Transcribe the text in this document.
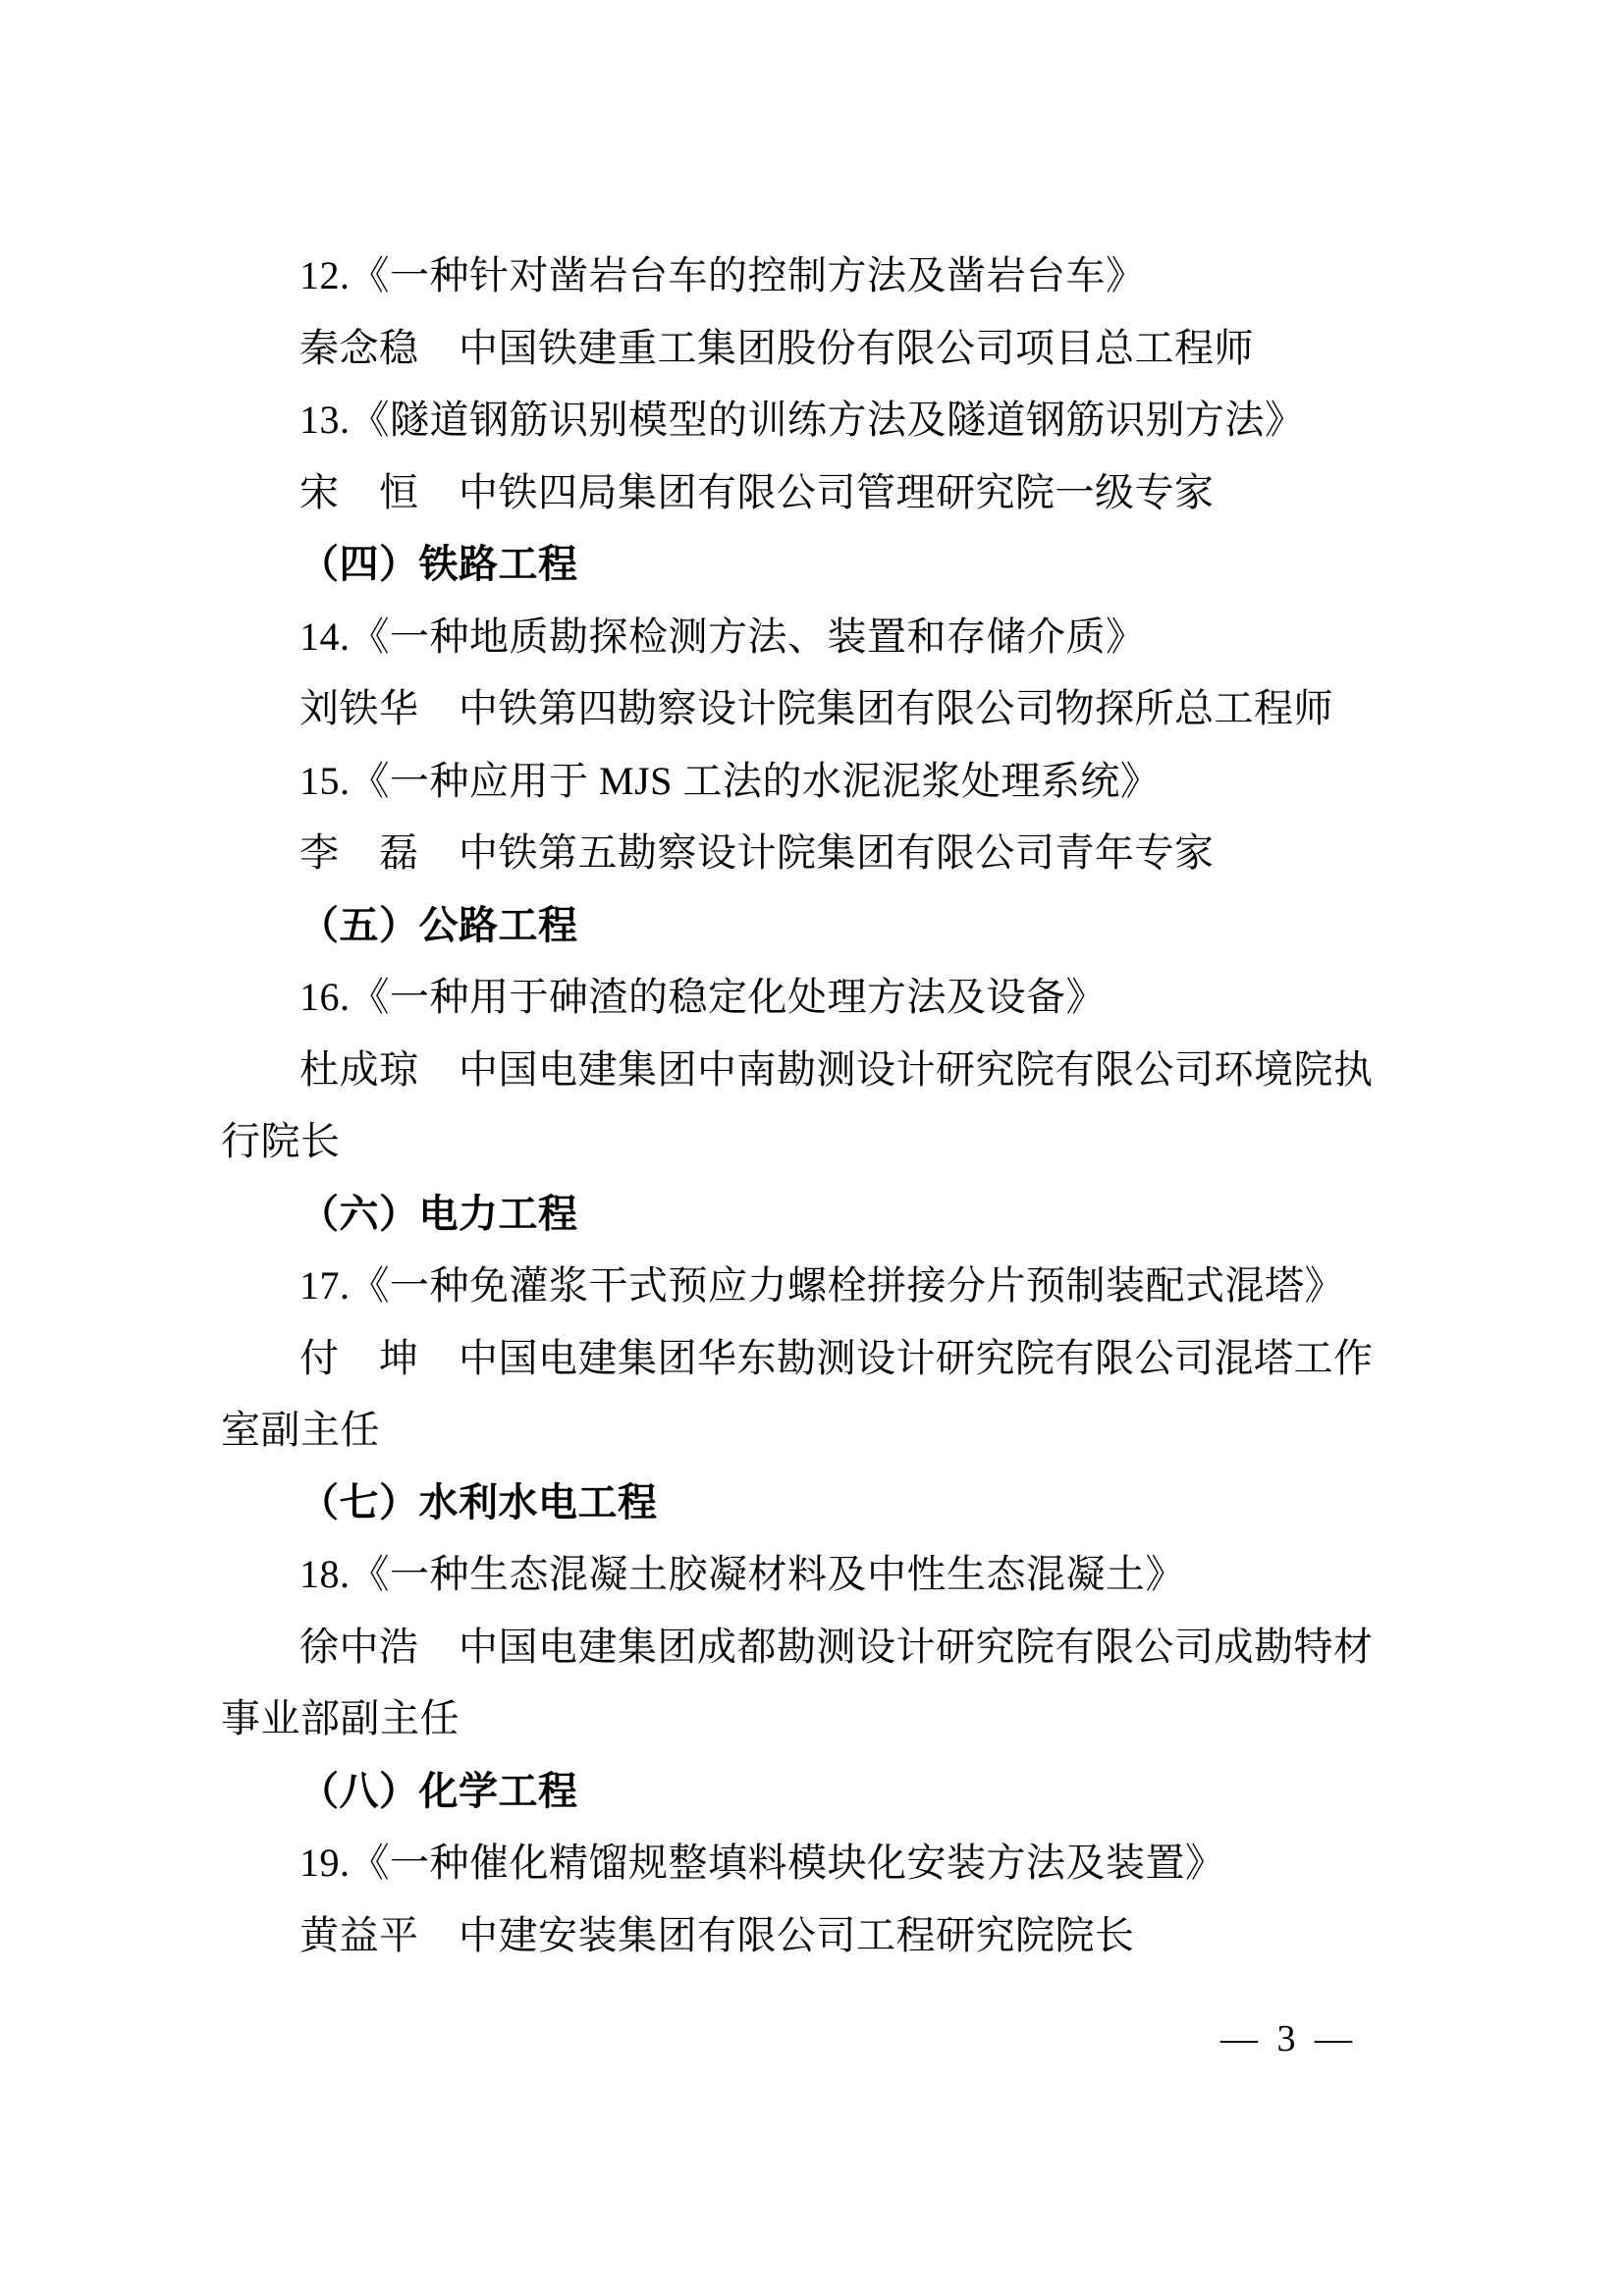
12.《一种针对凿岩台车的控制方法及凿岩台车》
秦念稳　中国铁建重工集团股份有限公司项目总工程师
13.《隧道钢筋识别模型的训练方法及隧道钢筋识别方法》
宋　恒　中铁四局集团有限公司管理研究院一级专家
（四）铁路工程
14.《一种地质勘探检测方法、装置和存储介质》
刘铁华　中铁第四勘察设计院集团有限公司物探所总工程师
15.《一种应用于 MJS 工法的水泥泥浆处理系统》
李　磊　中铁第五勘察设计院集团有限公司青年专家
（五）公路工程
16.《一种用于砷渣的稳定化处理方法及设备》
杜成琼　中国电建集团中南勘测设计研究院有限公司环境院执
行院长
（六）电力工程
17.《一种免灌浆干式预应力螺栓拼接分片预制装配式混塔》
付　坤　中国电建集团华东勘测设计研究院有限公司混塔工作
室副主任
（七）水利水电工程
18.《一种生态混凝土胶凝材料及中性生态混凝土》
徐中浩　中国电建集团成都勘测设计研究院有限公司成勘特材
事业部副主任
（八）化学工程
19.《一种催化精馏规整填料模块化安装方法及装置》
黄益平　中建安装集团有限公司工程研究院院长
— 3 —
